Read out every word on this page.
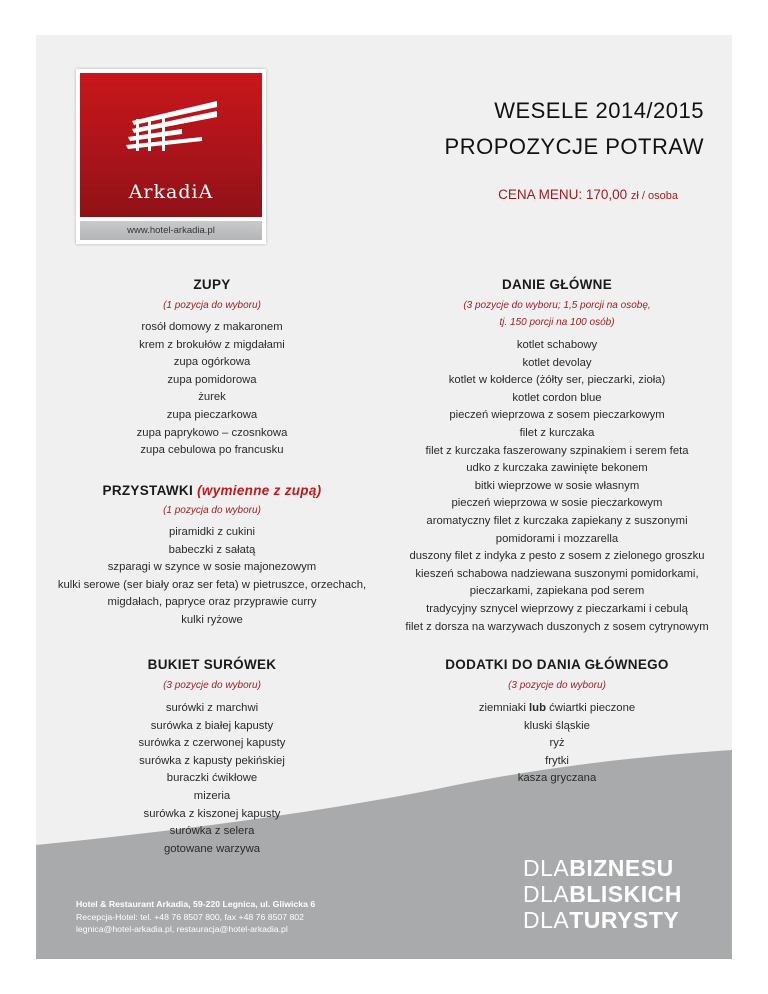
ArkadiA
www.hotel-arkadia.pl
WESELE 2014/2015
PROPOZYCJE POTRAW
CENA MENU: 170,00 zł / osoba
ZUPY
(1 pozycja do wyboru)
rosół domowy z makaronem
krem z brokułów z migdałami
zupa ogórkowa
zupa pomidorowa
żurek
zupa pieczarkowa
zupa paprykowo – czosnkowa
zupa cebulowa po francusku
PRZYSTAWKI (wymienne z zupą)
(1 pozycja do wyboru)
piramidki z cukini
babeczki z sałatą
szparagi w szynce w sosie majonezowym
kulki serowe (ser biały oraz ser feta) w pietruszce, orzechach,
migdałach, papryce oraz przyprawie curry
kulki ryżowe
DANIE GŁÓWNE
(3 pozycje do wyboru; 1,5 porcji na osobę,
tj. 150 porcji na 100 osób)
kotlet schabowy
kotlet devolay
kotlet w kołderce (żółty ser, pieczarki, zioła)
kotlet cordon blue
pieczeń wieprzowa z sosem pieczarkowym
filet z kurczaka
filet z kurczaka faszerowany szpinakiem i serem feta
udko z kurczaka zawinięte bekonem
bitki wieprzowe w sosie własnym
pieczeń wieprzowa w sosie pieczarkowym
aromatyczny filet z kurczaka zapiekany z suszonymi
pomidorami i mozzarella
duszony filet z indyka z pesto z sosem z zielonego groszku
kieszeń schabowa nadziewana suszonymi pomidorkami,
pieczarkami, zapiekana pod serem
tradycyjny sznycel wieprzowy z pieczarkami i cebulą
filet z dorsza na warzywach duszonych z sosem cytrynowym
BUKIET SURÓWEK
(3 pozycje do wyboru)
surówki z marchwi
surówka z białej kapusty
surówka z czerwonej kapusty
surówka z kapusty pekińskiej
buraczki ćwikłowe
mizeria
surówka z kiszonej kapusty
surówka z selera
gotowane warzywa
DODATKI DO DANIA GŁÓWNEGO
(3 pozycje do wyboru)
ziemniaki lub ćwiartki pieczone
kluski śląskie
ryż
frytki
kasza gryczana
Hotel & Restaurant Arkadia, 59-220 Legnica, ul. Gliwicka 6
Recepcja-Hotel: tel. +48 76 8507 800, fax +48 76 8507 802
legnica@hotel-arkadia.pl, restauracja@hotel-arkadia.pl
DLABIZNESU
DLABLISKICH
DLATURYSTY
